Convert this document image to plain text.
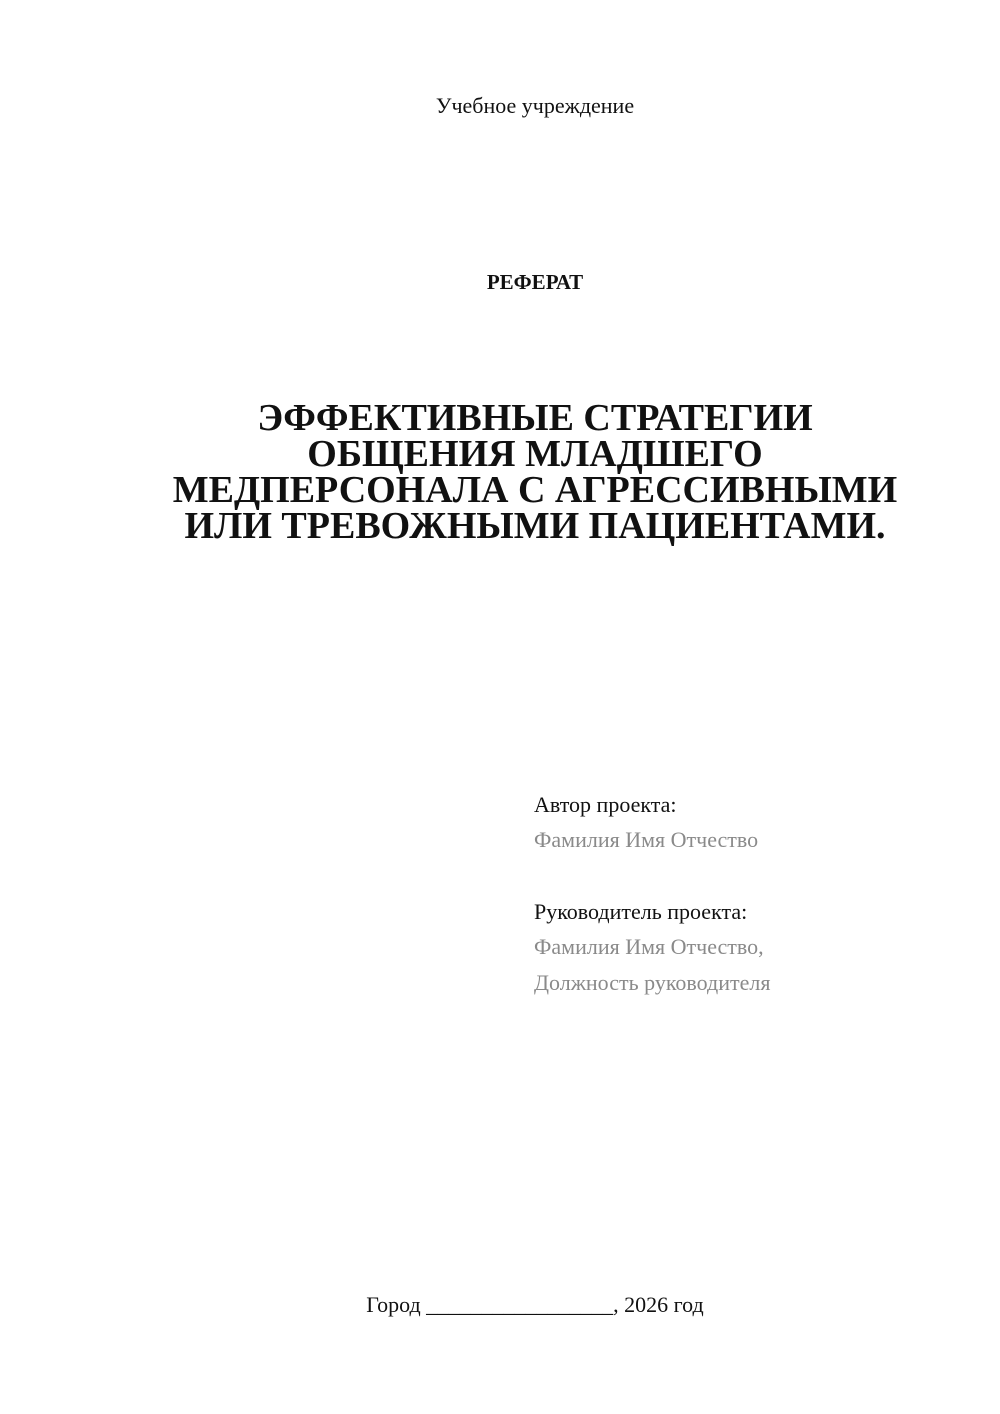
Учебное учреждение
РЕФЕРАТ
ЭФФЕКТИВНЫЕ СТРАТЕГИИ
ОБЩЕНИЯ МЛАДШЕГО
МЕДПЕРСОНАЛА С АГРЕССИВНЫМИ
ИЛИ ТРЕВОЖНЫМИ ПАЦИЕНТАМИ.
Автор проекта:
Фамилия Имя Отчество
Руководитель проекта:
Фамилия Имя Отчество,
Должность руководителя
Город _________________, 2026 год
